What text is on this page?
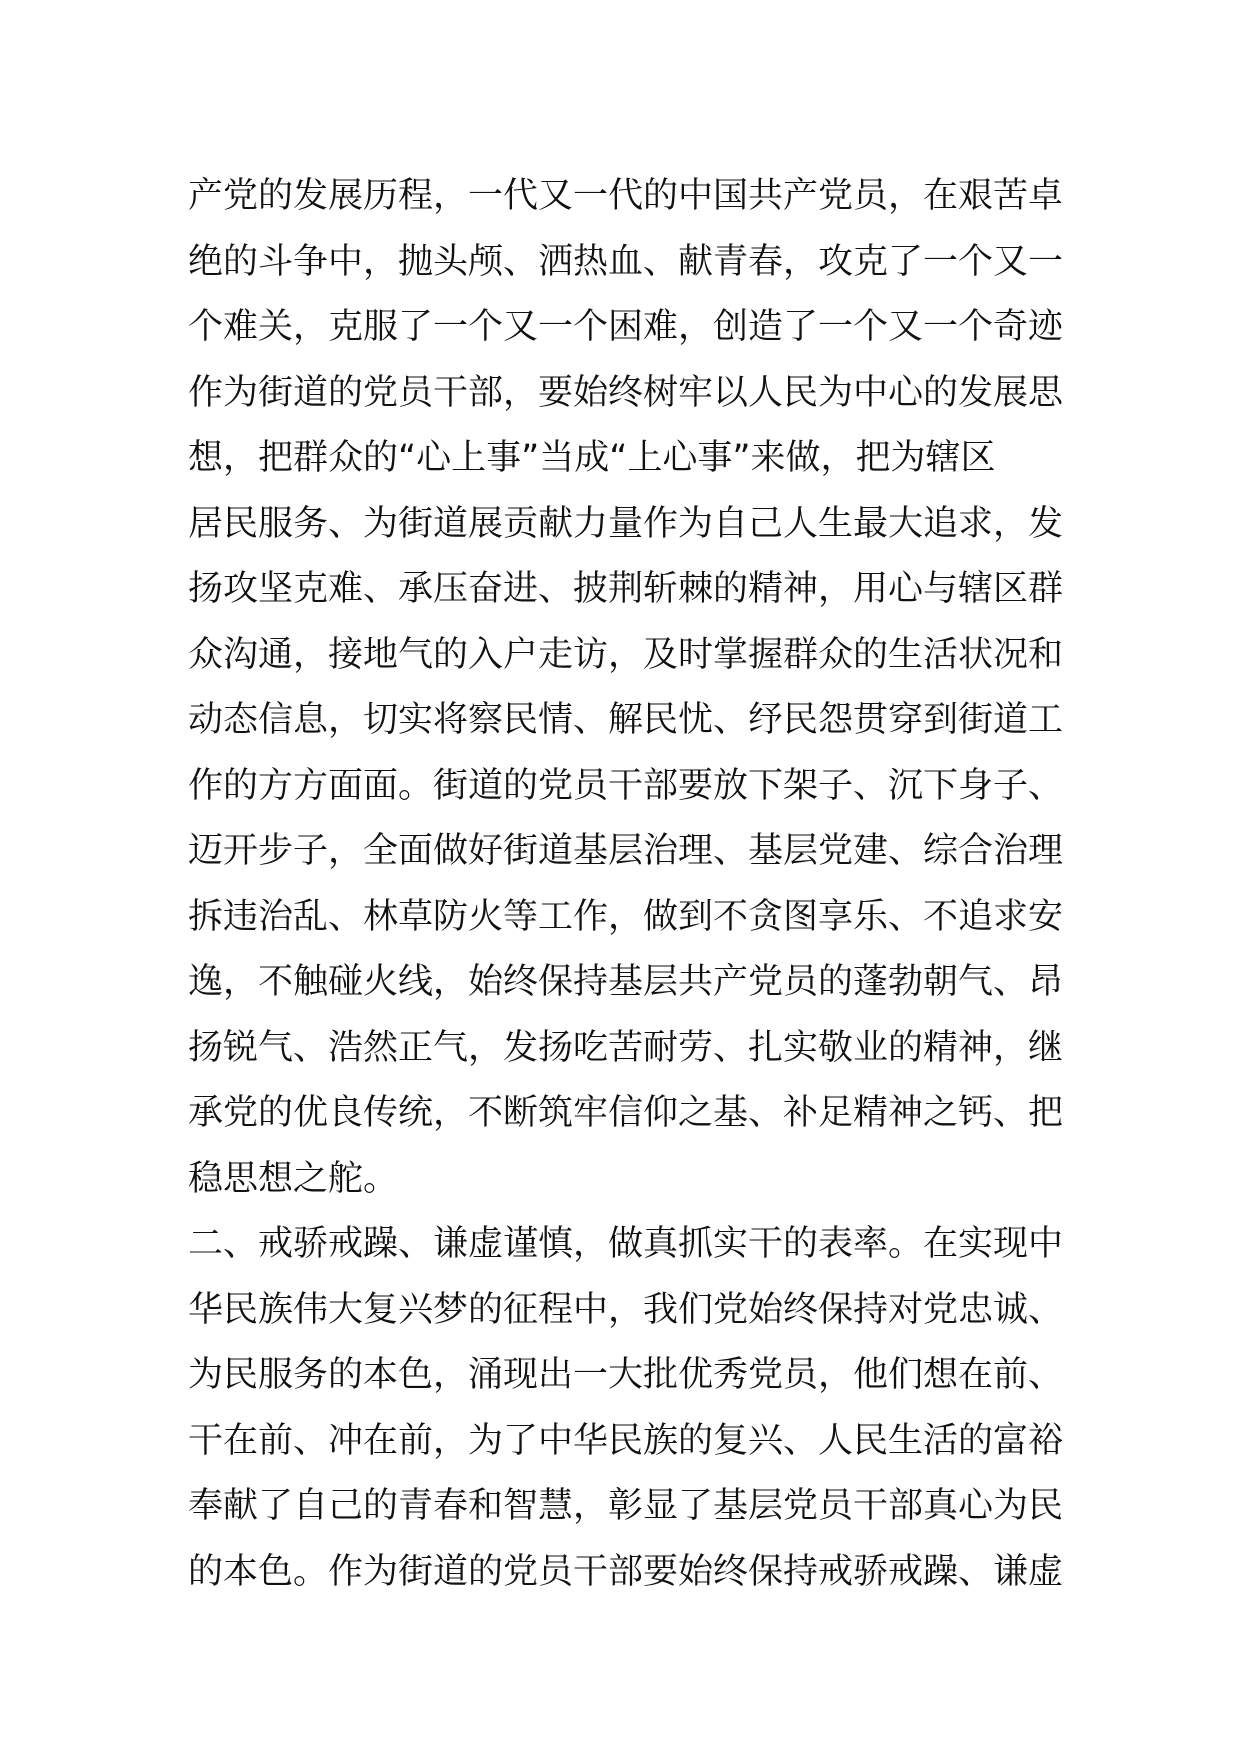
产党的发展历程，一代又一代的中国共产党员，在艰苦卓
绝的斗争中，抛头颅、洒热血、献青春，攻克了一个又一
个难关，克服了一个又一个困难，创造了一个又一个奇迹
作为街道的党员干部，要始终树牢以人民为中心的发展思
想，把群众的“心上事”当成“上心事”来做，把为辖区
居民服务、为街道展贡献力量作为自己人生最大追求，发
扬攻坚克难、承压奋进、披荆斩棘的精神，用心与辖区群
众沟通，接地气的入户走访，及时掌握群众的生活状况和
动态信息，切实将察民情、解民忧、纾民怨贯穿到街道工
作的方方面面。街道的党员干部要放下架子、沉下身子、
迈开步子，全面做好街道基层治理、基层党建、综合治理
拆违治乱、林草防火等工作，做到不贪图享乐、不追求安
逸，不触碰火线，始终保持基层共产党员的蓬勃朝气、昂
扬锐气、浩然正气，发扬吃苦耐劳、扎实敬业的精神，继
承党的优良传统，不断筑牢信仰之基、补足精神之钙、把
稳思想之舵。
二、戒骄戒躁、谦虚谨慎，做真抓实干的表率。在实现中
华民族伟大复兴梦的征程中，我们党始终保持对党忠诚、
为民服务的本色，涌现出一大批优秀党员，他们想在前、
干在前、冲在前，为了中华民族的复兴、人民生活的富裕
奉献了自己的青春和智慧，彰显了基层党员干部真心为民
的本色。作为街道的党员干部要始终保持戒骄戒躁、谦虚
